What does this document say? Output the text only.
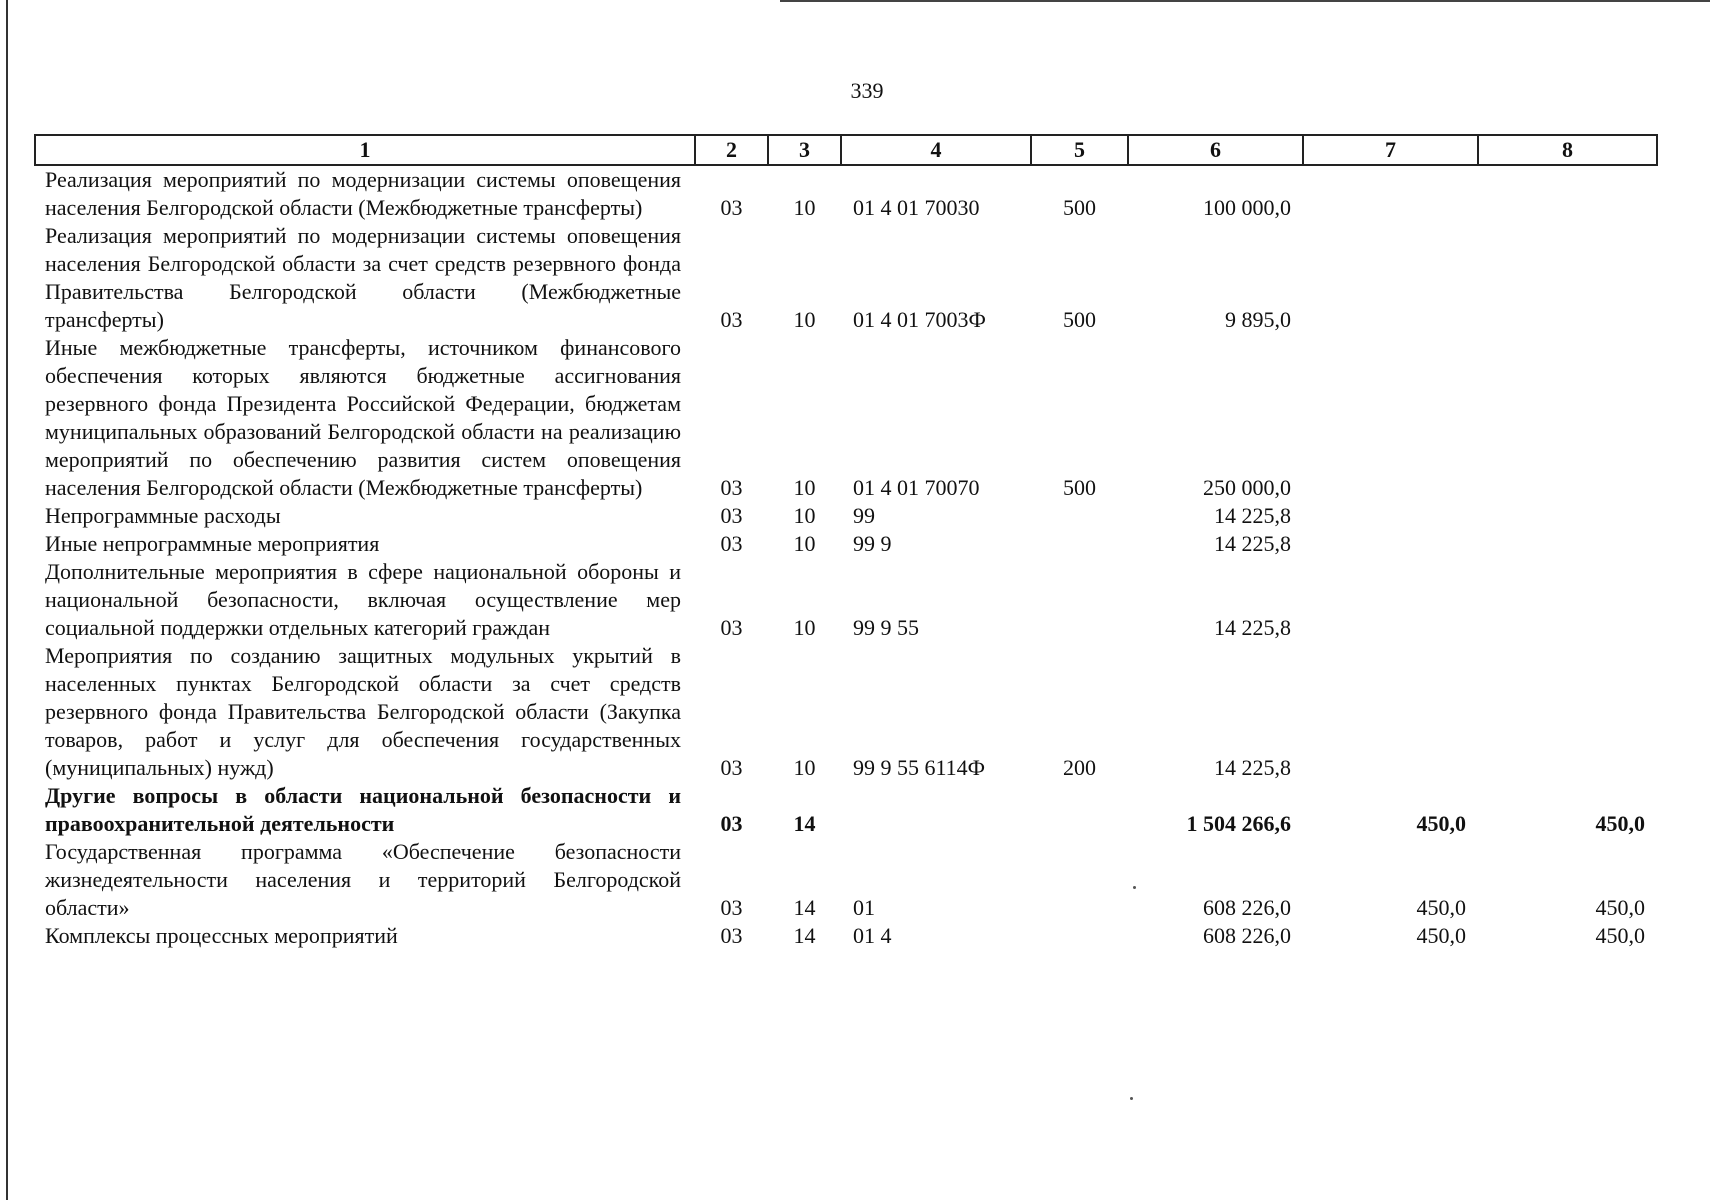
339
1	2	3	4	5	6	7	8
Реализация мероприятий по модернизации системы оповещения населения Белгородской области (Межбюджетные трансферты)	03	10	01 4 01 70030	500	100 000,0		
Реализация мероприятий по модернизации системы оповещения населения Белгородской области за счет средств резервного фонда Правительства Белгородской области (Межбюджетные трансферты)	03	10	01 4 01 7003Ф	500	9 895,0		
Иные межбюджетные трансферты, источником финансового обеспечения которых являются бюджетные ассигнования резервного фонда Президента Российской Федерации, бюджетам муниципальных образований Белгородской области на реализацию мероприятий по обеспечению развития систем оповещения населения Белгородской области (Межбюджетные трансферты)	03	10	01 4 01 70070	500	250 000,0		
Непрограммные расходы	03	10	99		14 225,8		
Иные непрограммные мероприятия	03	10	99 9		14 225,8		
Дополнительные мероприятия в сфере национальной обороны и национальной безопасности, включая осуществление мер социальной поддержки отдельных категорий граждан	03	10	99 9 55		14 225,8		
Мероприятия по созданию защитных модульных укрытий в населенных пунктах Белгородской области за счет средств резервного фонда Правительства Белгородской области (Закупка товаров, работ и услуг для обеспечения государственных (муниципальных) нужд)	03	10	99 9 55 6114Ф	200	14 225,8		
Другие вопросы в области национальной безопасности и правоохранительной деятельности	03	14			1 504 266,6	450,0	450,0
Государственная программа «Обеспечение безопасности жизнедеятельности населения и территорий Белгородской области»	03	14	01		608 226,0	450,0	450,0
Комплексы процессных мероприятий	03	14	01 4		608 226,0	450,0	450,0
